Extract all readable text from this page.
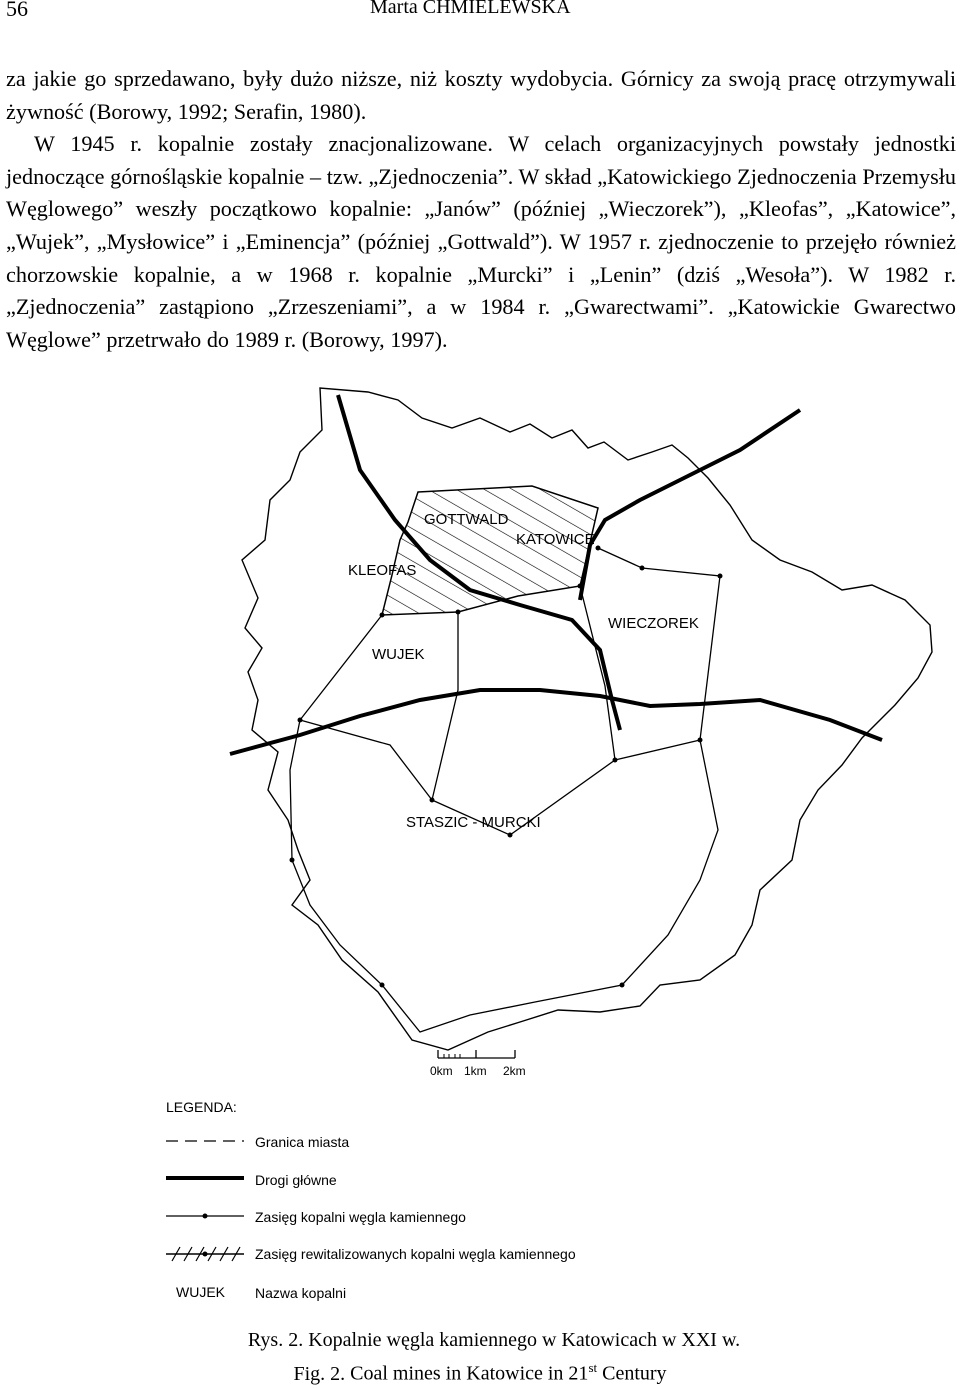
56	Marta CHMIELEWSKA

za jakie go sprzedawano, były dużo niższe, niż koszty wydobycia. Górnicy za swoją pracę otrzymywali żywność (Borowy, 1992; Serafin, 1980).

W 1945 r. kopalnie zostały znacjonalizowane. W celach organizacyjnych powstały jednostki jednoczące górnośląskie kopalnie – tzw. „Zjednoczenia”. W skład „Katowickiego Zjednoczenia Przemysłu Węglowego” weszły początkowo kopalnie: „Janów” (później „Wieczorek”), „Kleofas”, „Katowice”, „Wujek”, „Mysłowice” i „Eminencja” (później „Gottwald”). W 1957 r. zjednoczenie to przejęło również chorzowskie kopalnie, a w 1968 r. kopalnie „Murcki” i „Lenin” (dziś „Wesoła”). W 1982 r. „Zjednoczenia” zastąpiono „Zrzeszeniami”, a w 1984 r. „Gwarectwami”. „Katowickie Gwarectwo Węglowe” przetrwało do 1989 r. (Borowy, 1997).

GOTTWALD
KATOWICE
KLEOFAS
WIECZOREK
WUJEK
STASZIC - MURCKI
0km 1km 2km
LEGENDA:
Granica miasta
Drogi główne
Zasięg kopalni węgla kamiennego
Zasięg rewitalizowanych kopalni węgla kamiennego
WUJEK Nazwa kopalni
Rys. 2. Kopalnie węgla kamiennego w Katowicach w XXI w.
Fig. 2. Coal mines in Katowice in 21st Century
